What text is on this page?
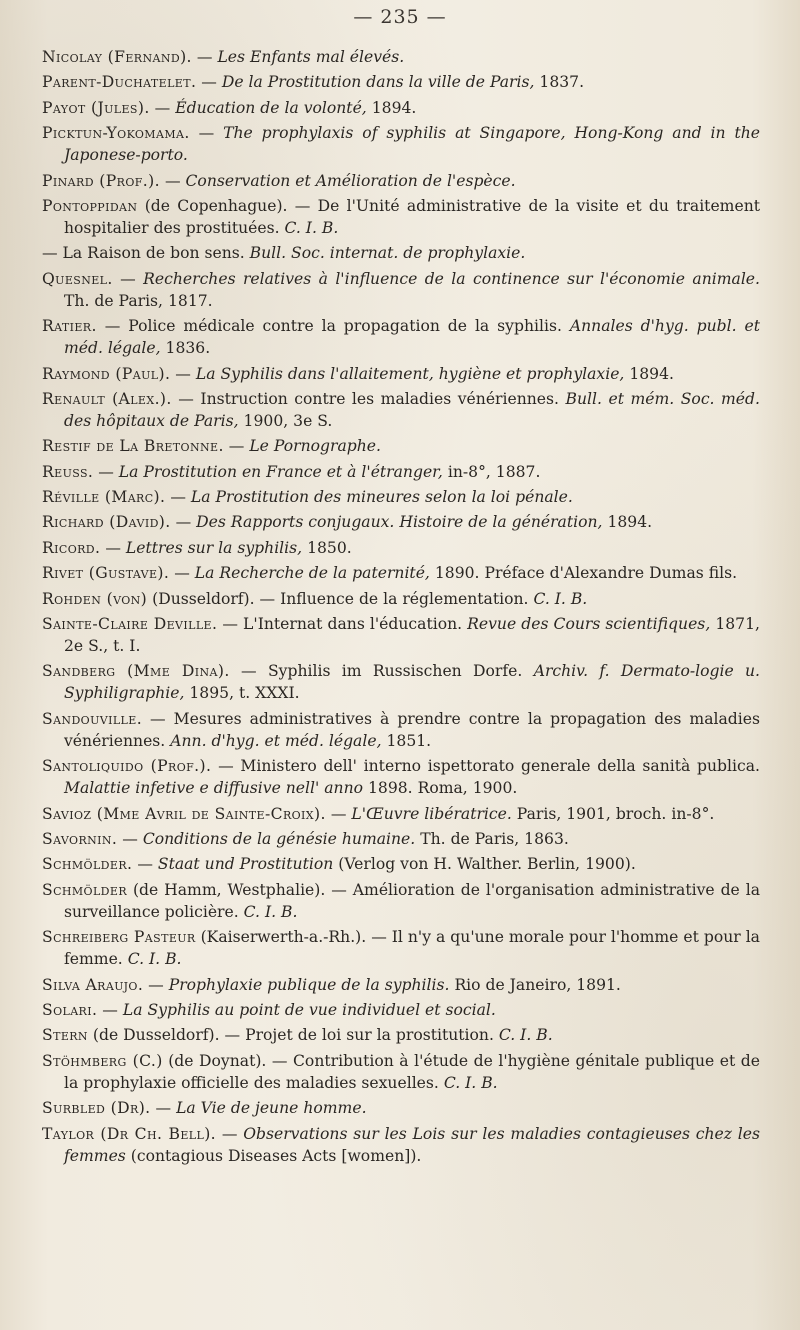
— 235 —

Nicolay (Fernand). — Les Enfants mal élevés.

Parent-Duchatelet. — De la Prostitution dans la ville de Paris, 1837.

Payot (Jules). — Éducation de la volonté, 1894.

Picktun-Yokomama. — The prophylaxis of syphilis at Singapore, Hong-Kong and in the Japonese-porto.

Pinard (Prof.). — Conservation et Amélioration de l'espèce.

Pontoppidan (de Copenhague). — De l'Unité administrative de la visite et du traitement hospitalier des prostituées. C. I. B.

— La Raison de bon sens. Bull. Soc. internat. de prophylaxie.

Quesnel. — Recherches relatives à l'influence de la continence sur l'économie animale. Th. de Paris, 1817.

Ratier. — Police médicale contre la propagation de la syphilis. Annales d'hyg. publ. et méd. légale, 1836.

Raymond (Paul). — La Syphilis dans l'allaitement, hygiène et prophylaxie, 1894.

Renault (Alex.). — Instruction contre les maladies vénériennes. Bull. et mém. Soc. méd. des hôpitaux de Paris, 1900, 3e S.

Restif de La Bretonne. — Le Pornographe.

Reuss. — La Prostitution en France et à l'étranger, in-8°, 1887.

Réville (Marc). — La Prostitution des mineures selon la loi pénale.

Richard (David). — Des Rapports conjugaux. Histoire de la génération, 1894.

Ricord. — Lettres sur la syphilis, 1850.

Rivet (Gustave). — La Recherche de la paternité, 1890. Préface d'Alexandre Dumas fils.

Rohden (von) (Dusseldorf). — Influence de la réglementation. C. I. B.

Sainte-Claire Deville. — L'Internat dans l'éducation. Revue des Cours scientifiques, 1871, 2e S., t. I.

Sandberg (Mme Dina). — Syphilis im Russischen Dorfe. Archiv. f. Dermato-logie u. Syphiligraphie, 1895, t. XXXI.

Sandouville. — Mesures administratives à prendre contre la propagation des maladies vénériennes. Ann. d'hyg. et méd. légale, 1851.

Santoliquido (Prof.). — Ministero dell' interno ispettorato generale della sanità publica. Malattie infetive e diffusive nell' anno 1898. Roma, 1900.

Savioz (Mme Avril de Sainte-Croix). — L'Œuvre libératrice. Paris, 1901, broch. in-8°.

Savornin. — Conditions de la génésie humaine. Th. de Paris, 1863.

Schmölder. — Staat und Prostitution (Verlog von H. Walther. Berlin, 1900).

Schmölder (de Hamm, Westphalie). — Amélioration de l'organisation administrative de la surveillance policière. C. I. B.

Schreiberg Pasteur (Kaiserwerth-a.-Rh.). — Il n'y a qu'une morale pour l'homme et pour la femme. C. I. B.

Silva Araujo. — Prophylaxie publique de la syphilis. Rio de Janeiro, 1891.

Solari. — La Syphilis au point de vue individuel et social.

Stern (de Dusseldorf). — Projet de loi sur la prostitution. C. I. B.

Stöhmberg (C.) (de Doynat). — Contribution à l'étude de l'hygiène génitale publique et de la prophylaxie officielle des maladies sexuelles. C. I. B.

Surbled (Dr). — La Vie de jeune homme.

Taylor (Dr Ch. Bell). — Observations sur les Lois sur les maladies contagieuses chez les femmes (contagious Diseases Acts [women]).
